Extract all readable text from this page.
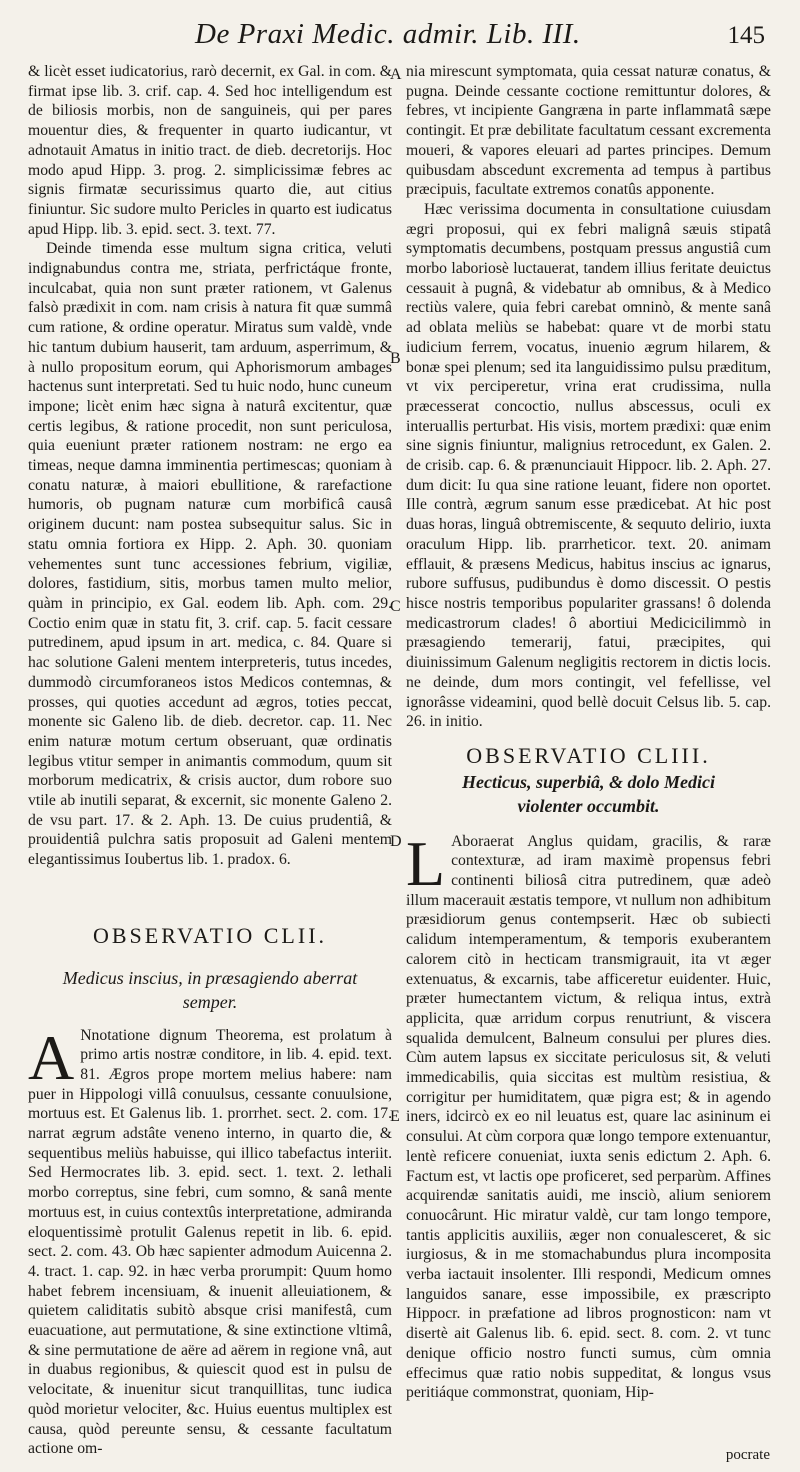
De Praxi Medic. admir. Lib. III.	145
A
B
C
D
E

& licèt esset iudicatorius, rarò decernit, ex Gal. in com. & firmat ipse lib. 3. crif. cap. 4. Sed hoc intelligendum est de biliosis morbis, non de sanguineis, qui per pares mouentur dies, & frequenter in quarto iudicantur, vt adnotauit Amatus in initio tract. de dieb. decretorijs. Hoc modo apud Hipp. 3. prog. 2. simplicissimæ febres ac signis firmatæ securissimus quarto die, aut citius finiuntur. Sic sudore multo Pericles in quarto est iudicatus apud Hipp. lib. 3. epid. sect. 3. text. 77.

Deinde timenda esse multum signa critica, veluti indignabundus contra me, striata, perfrictáque fronte, inculcabat, quia non sunt præter rationem, vt Galenus falsò prædixit in com. nam crisis à natura fit quæ summâ cum ratione, & ordine operatur. Miratus sum valdè, vnde hic tantum dubium hauserit, tam arduum, asperrimum, & à nullo propositum eorum, qui Aphorismorum ambages hactenus sunt interpretati. Sed tu huic nodo, hunc cuneum impone; licèt enim hæc signa à naturâ excitentur, quæ certis legibus, & ratione procedit, non sunt periculosa, quia eueniunt præter rationem nostram: ne ergo ea timeas, neque damna imminentia pertimescas; quoniam à conatu naturæ, à maiori ebullitione, & rarefactione humoris, ob pugnam naturæ cum morbificâ causâ originem ducunt: nam postea subsequitur salus. Sic in statu omnia fortiora ex Hipp. 2. Aph. 30. quoniam vehementes sunt tunc accessiones febrium, vigiliæ, dolores, fastidium, sitis, morbus tamen multo melior, quàm in principio, ex Gal. eodem lib. Aph. com. 29. Coctio enim quæ in statu fit, 3. crif. cap. 5. facit cessare putredinem, apud ipsum in art. medica, c. 84. Quare si hac solutione Galeni mentem interpreteris, tutus incedes, dummodò circumforaneos istos Medicos contemnas, & prosses, qui quoties accedunt ad ægros, toties peccat, monente sic Galeno lib. de dieb. decretor. cap. 11. Nec enim naturæ motum certum obseruant, quæ ordinatis legibus vtitur semper in animantis commodum, quum sit morborum medicatrix, & crisis auctor, dum robore suo vtile ab inutili separat, & excernit, sic monente Galeno 2. de vsu part. 17. & 2. Aph. 13. De cuius prudentiâ, & prouidentiâ pulchra satis proposuit ad Galeni mentem elegantissimus Ioubertus lib. 1. pradox. 6.

OBSERVATIO CLII.
Medicus inscius, in præsagiendo aberrat semper.

A Nnotatione dignum Theorema, est prolatum à primo artis nostræ conditore, in lib. 4. epid. text. 81. Ægros prope mortem melius habere: nam puer in Hippologi villâ conuulsus, cessante conuulsione, mortuus est. Et Galenus lib. 1. prorrhet. sect. 2. com. 17. narrat ægrum adstâte veneno interno, in quarto die, & sequentibus meliùs habuisse, qui illico tabefactus interiit. Sed Hermocrates lib. 3. epid. sect. 1. text. 2. lethali morbo correptus, sine febri, cum somno, & sanâ mente mortuus est, in cuius contextûs interpretatione, admiranda eloquentissimè protulit Galenus repetit in lib. 6. epid. sect. 2. com. 43. Ob hæc sapienter admodum Auicenna 2. 4. tract. 1. cap. 92. in hæc verba prorumpit: Quum homo habet febrem incensiuam, & inuenit alleuiationem, & quietem caliditatis subitò absque crisi manifestâ, cum euacuatione, aut permutatione, & sine extinctione vltimâ, & sine permutatione de aëre ad aërem in regione vnâ, aut in duabus regionibus, & quiescit quod est in pulsu de velocitate, & inuenitur sicut tranquillitas, tunc iudica quòd morietur velociter, &c. Huius euentus multiplex est causa, quòd pereunte sensu, & cessante facultatum actione om-

nia mirescunt symptomata, quia cessat naturæ conatus, & pugna. Deinde cessante coctione remittuntur dolores, & febres, vt incipiente Gangræna in parte inflammatâ sæpe contingit. Et præ debilitate facultatum cessant excrementa moueri, & vapores eleuari ad partes principes. Demum quibusdam abscedunt excrementa ad tempus à partibus præcipuis, facultate extremos conatûs apponente.

Hæc verissima documenta in consultatione cuiusdam ægri proposui, qui ex febri malignâ sæuis stipatâ symptomatis decumbens, postquam pressus angustiâ cum morbo laboriosè luctauerat, tandem illius feritate deuictus cessauit à pugnâ, & videbatur ab omnibus, & à Medico rectiùs valere, quia febri carebat omninò, & mente sanâ ad oblata meliùs se habebat: quare vt de morbi statu iudicium ferrem, vocatus, inuenio ægrum hilarem, & bonæ spei plenum; sed ita languidissimo pulsu præditum, vt vix perciperetur, vrina erat crudissima, nulla præcesserat concoctio, nullus abscessus, oculi ex interuallis perturbat. His visis, mortem prædixi: quæ enim sine signis finiuntur, malignius retrocedunt, ex Galen. 2. de crisib. cap. 6. & prænunciauit Hippocr. lib. 2. Aph. 27. dum dicit: Iu qua sine ratione leuant, fidere non oportet. Ille contrà, ægrum sanum esse prædicebat. At hic post duas horas, linguâ obtremiscente, & sequuto delirio, iuxta oraculum Hipp. lib. prarrheticor. text. 20. animam efflauit, & præsens Medicus, habitus inscius ac ignarus, rubore suffusus, pudibundus è domo discessit. O pestis hisce nostris temporibus populariter grassans! ô dolenda medicastrorum clades! ô abortiui Medicicilimmò in præsagiendo temerarij, fatui, præcipites, qui diuinissimum Galenum negligitis rectorem in dictis locis. ne deinde, dum mors contingit, vel fefellisse, vel ignorâsse videamini, quod bellè docuit Celsus lib. 5. cap. 26. in initio.

OBSERVATIO CLIII.
Hecticus, superbiâ, & dolo Medici violenter occumbit.

L Aboraerat Anglus quidam, gracilis, & raræ contexturæ, ad iram maximè propensus febri continenti biliosâ citra putredinem, quæ adeò illum macerauit æstatis tempore, vt nullum non adhibitum præsidiorum genus contempserit. Hæc ob subiecti calidum intemperamentum, & temporis exuberantem calorem citò in hecticam transmigrauit, ita vt æger extenuatus, & excarnis, tabe afficeretur euidenter. Huic, præter humectantem victum, & reliqua intus, extrà applicita, quæ arridum corpus renutriunt, & viscera squalida demulcent, Balneum consului per plures dies. Cùm autem lapsus ex siccitate periculosus sit, & veluti immedicabilis, quia siccitas est multùm resistiua, & corrigitur per humiditatem, quæ pigra est; & in agendo iners, idcircò ex eo nil leuatus est, quare lac asininum ei consului. At cùm corpora quæ longo tempore extenuantur, lentè reficere conueniat, iuxta senis edictum 2. Aph. 6. Factum est, vt lactis ope proficeret, sed perparùm. Affines acquirendæ sanitatis auidi, me insciò, alium seniorem conuocârunt. Hic miratur valdè, cur tam longo tempore, tantis applicitis auxiliis, æger non conualesceret, & sic iurgiosus, & in me stomachabundus plura incomposita verba iactauit insolenter. Illi respondi, Medicum omnes languidos sanare, esse impossibile, ex præscripto Hippocr. in præfatione ad libros prognosticon: nam vt disertè ait Galenus lib. 6. epid. sect. 8. com. 2. vt tunc denique officio nostro functi sumus, cùm omnia effecimus quæ ratio nobis suppeditat, & longus vsus peritiáque commonstrat, quoniam, Hip-

pocrate
